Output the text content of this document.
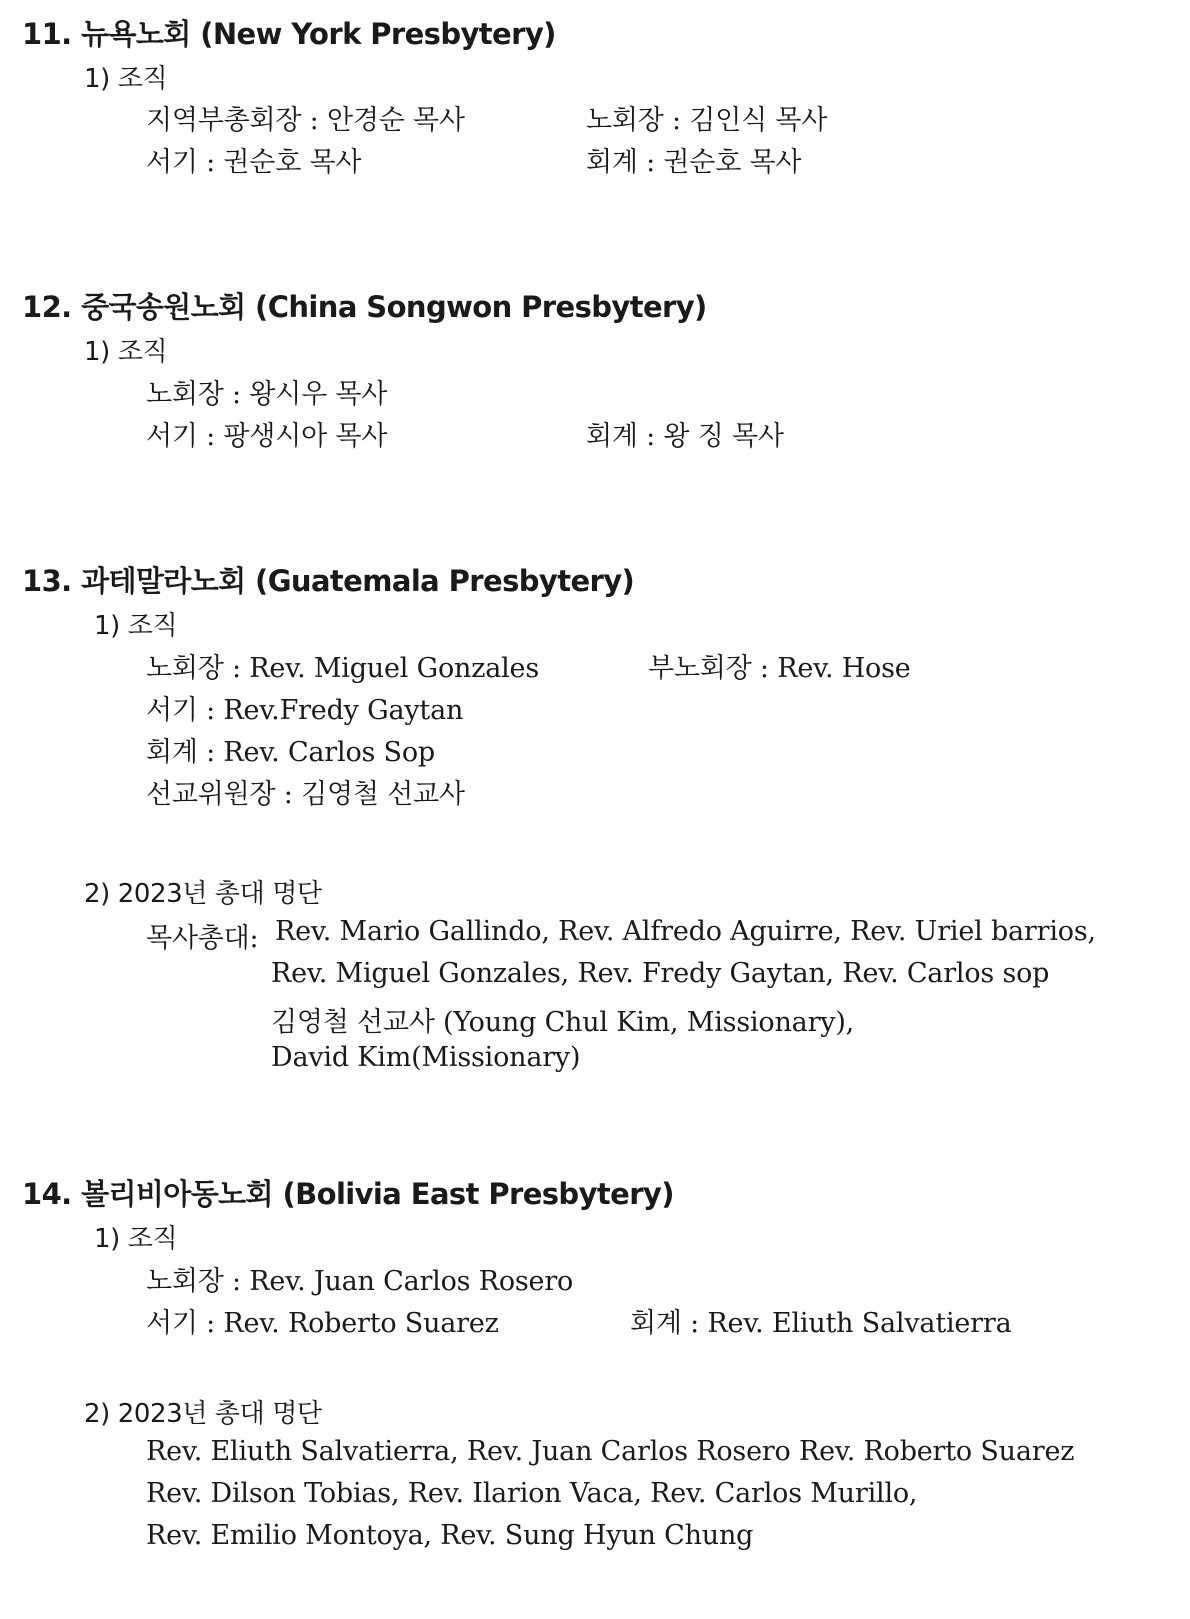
11. 뉴욕노회 (New York Presbytery)
1) 조직
지역부총회장 : 안경순 목사	노회장 : 김인식 목사
서기 : 권순호 목사	회계 : 권순호 목사
12. 중국송원노회 (China Songwon Presbytery)
1) 조직
노회장 : 왕시우 목사
서기 : 팡생시아 목사	회계 : 왕 징 목사
13. 과테말라노회 (Guatemala Presbytery)
1) 조직
노회장 : Rev. Miguel Gonzales	부노회장 : Rev. Hose
서기 : Rev.Fredy Gaytan
회계 : Rev. Carlos Sop
선교위원장 : 김영철 선교사
2) 2023년 총대 명단
목사총대: Rev. Mario Gallindo, Rev. Alfredo Aguirre, Rev. Uriel barrios,
Rev. Miguel Gonzales, Rev. Fredy Gaytan, Rev. Carlos sop
김영철 선교사 (Young Chul Kim, Missionary),
David Kim(Missionary)
14. 볼리비아동노회 (Bolivia East Presbytery)
1) 조직
노회장 : Rev. Juan Carlos Rosero
서기 : Rev. Roberto Suarez	회계 : Rev. Eliuth Salvatierra
2) 2023년 총대 명단
Rev. Eliuth Salvatierra, Rev. Juan Carlos Rosero Rev. Roberto Suarez
Rev. Dilson Tobias, Rev. Ilarion Vaca, Rev. Carlos Murillo,
Rev. Emilio Montoya, Rev. Sung Hyun Chung
